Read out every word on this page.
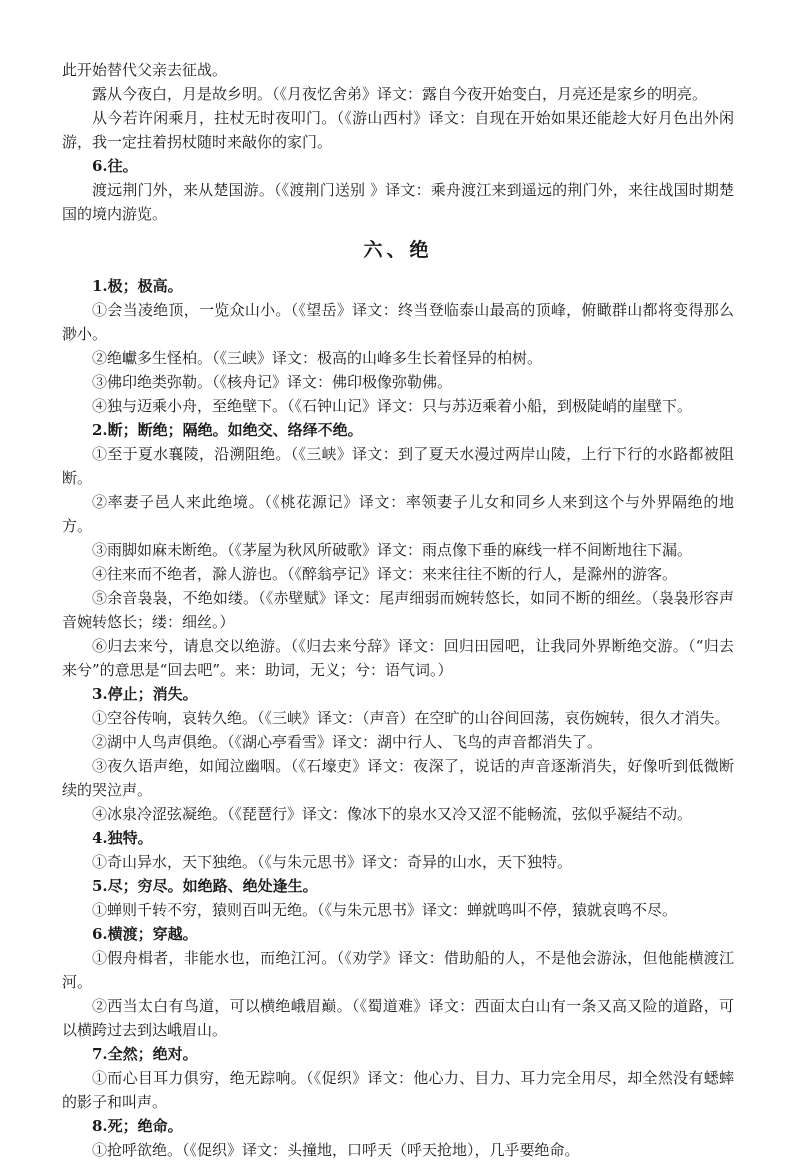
此开始替代父亲去征战。

露从今夜白，月是故乡明。（《月夜忆舍弟》译文：露自今夜开始变白，月亮还是家乡的明亮。

从今若许闲乘月，拄杖无时夜叩门。（《游山西村》译文：自现在开始如果还能趁大好月色出外闲游，我一定拄着拐杖随时来敲你的家门。

6.往。

渡远荆门外，来从楚国游。（《渡荆门送别 》译文：乘舟渡江来到遥远的荆门外，来往战国时期楚国的境内游览。

六、绝

1.极；极高。

①会当凌绝顶，一览众山小。（《望岳》译文：终当登临泰山最高的顶峰，俯瞰群山都将变得那么渺小。

②绝巘多生怪柏。（《三峡》译文：极高的山峰多生长着怪异的柏树。

③佛印绝类弥勒。（《核舟记》译文：佛印极像弥勒佛。

④独与迈乘小舟，至绝壁下。（《石钟山记》译文：只与苏迈乘着小船，到极陡峭的崖壁下。

2.断；断绝；隔绝。如绝交、络绎不绝。

①至于夏水襄陵，沿溯阻绝。（《三峡》译文：到了夏天水漫过两岸山陵，上行下行的水路都被阻断。

②率妻子邑人来此绝境。（《桃花源记》译文：率领妻子儿女和同乡人来到这个与外界隔绝的地方。

③雨脚如麻未断绝。（《茅屋为秋风所破歌》译文：雨点像下垂的麻线一样不间断地往下漏。

④往来而不绝者，滁人游也。（《醉翁亭记》译文：来来往往不断的行人，是滁州的游客。

⑤余音袅袅，不绝如缕。（《赤壁赋》译文：尾声细弱而婉转悠长，如同不断的细丝。（袅袅形容声音婉转悠长；缕：细丝。）

⑥归去来兮，请息交以绝游。（《归去来兮辞》译文：回归田园吧，让我同外界断绝交游。（“归去来兮”的意思是“回去吧”。来：助词，无义；兮：语气词。）

3.停止；消失。

①空谷传响，哀转久绝。（《三峡》译文：（声音）在空旷的山谷间回荡，哀伤婉转，很久才消失。

②湖中人鸟声俱绝。（《湖心亭看雪》译文：湖中行人、飞鸟的声音都消失了。

③夜久语声绝，如闻泣幽咽。（《石壕吏》译文：夜深了，说话的声音逐渐消失，好像听到低微断续的哭泣声。

④冰泉冷涩弦凝绝。（《琵琶行》译文：像冰下的泉水又冷又涩不能畅流，弦似乎凝结不动。

4.独特。

①奇山异水，天下独绝。（《与朱元思书》译文：奇异的山水，天下独特。

5.尽；穷尽。如绝路、绝处逢生。

①蝉则千转不穷，猿则百叫无绝。（《与朱元思书》译文：蝉就鸣叫不停，猿就哀鸣不尽。

6.横渡；穿越。

①假舟楫者，非能水也，而绝江河。（《劝学》译文：借助船的人，不是他会游泳，但他能横渡江河。

②西当太白有鸟道，可以横绝峨眉巅。（《蜀道难》译文：西面太白山有一条又高又险的道路，可以横跨过去到达峨眉山。

7.全然；绝对。

①而心目耳力俱穷，绝无踪响。（《促织》译文：他心力、目力、耳力完全用尽，却全然没有蟋蟀的影子和叫声。

8.死；绝命。

①抢呼欲绝。（《促织》译文：头撞地，口呼天（呼天抢地），几乎要绝命。
